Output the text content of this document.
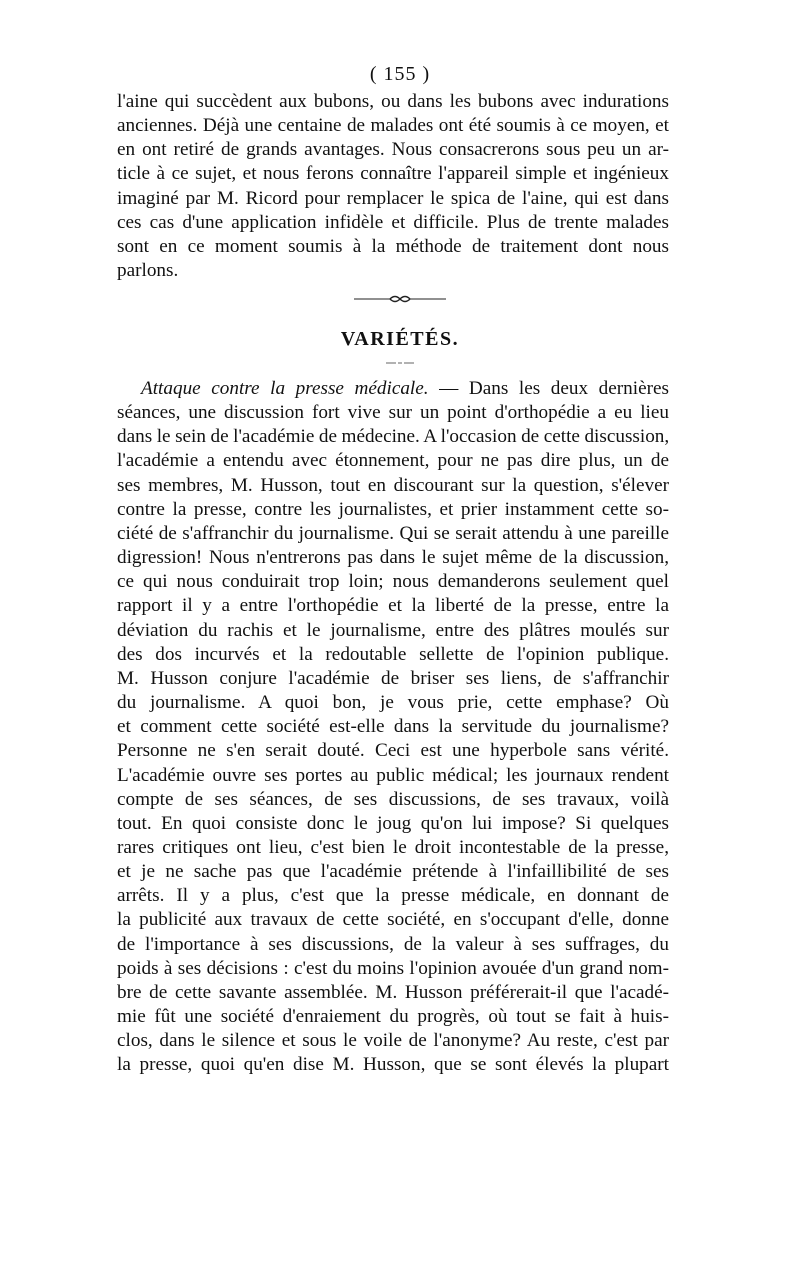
( 155 )
l'aine qui succèdent aux bubons, ou dans les bubons avec indurations
anciennes. Déjà une centaine de malades ont été soumis à ce moyen, et
en ont retiré de grands avantages. Nous consacrerons sous peu un ar-
ticle à ce sujet, et nous ferons connaître l'appareil simple et ingénieux
imaginé par M. Ricord pour remplacer le spica de l'aine, qui est dans
ces cas d'une application infidèle et difficile. Plus de trente malades
sont en ce moment soumis à la méthode de traitement dont nous
parlons.
VARIÉTÉS.
Attaque contre la presse médicale. — Dans les deux dernières
séances, une discussion fort vive sur un point d'orthopédie a eu lieu
dans le sein de l'académie de médecine. A l'occasion de cette discussion,
l'académie a entendu avec étonnement, pour ne pas dire plus, un de
ses membres, M. Husson, tout en discourant sur la question, s'élever
contre la presse, contre les journalistes, et prier instamment cette so-
ciété de s'affranchir du journalisme. Qui se serait attendu à une pareille
digression! Nous n'entrerons pas dans le sujet même de la discussion,
ce qui nous conduirait trop loin; nous demanderons seulement quel
rapport il y a entre l'orthopédie et la liberté de la presse, entre la
déviation du rachis et le journalisme, entre des plâtres moulés sur
des dos incurvés et la redoutable sellette de l'opinion publique.
M. Husson conjure l'académie de briser ses liens, de s'affranchir
du journalisme. A quoi bon, je vous prie, cette emphase? Où
et comment cette société est-elle dans la servitude du journalisme?
Personne ne s'en serait douté. Ceci est une hyperbole sans vérité.
L'académie ouvre ses portes au public médical; les journaux rendent
compte de ses séances, de ses discussions, de ses travaux, voilà
tout. En quoi consiste donc le joug qu'on lui impose? Si quelques
rares critiques ont lieu, c'est bien le droit incontestable de la presse,
et je ne sache pas que l'académie prétende à l'infaillibilité de ses
arrêts. Il y a plus, c'est que la presse médicale, en donnant de
la publicité aux travaux de cette société, en s'occupant d'elle, donne
de l'importance à ses discussions, de la valeur à ses suffrages, du
poids à ses décisions : c'est du moins l'opinion avouée d'un grand nom-
bre de cette savante assemblée. M. Husson préférerait-il que l'acadé-
mie fût une société d'enraiement du progrès, où tout se fait à huis-
clos, dans le silence et sous le voile de l'anonyme? Au reste, c'est par
la presse, quoi qu'en dise M. Husson, que se sont élevés la plupart
